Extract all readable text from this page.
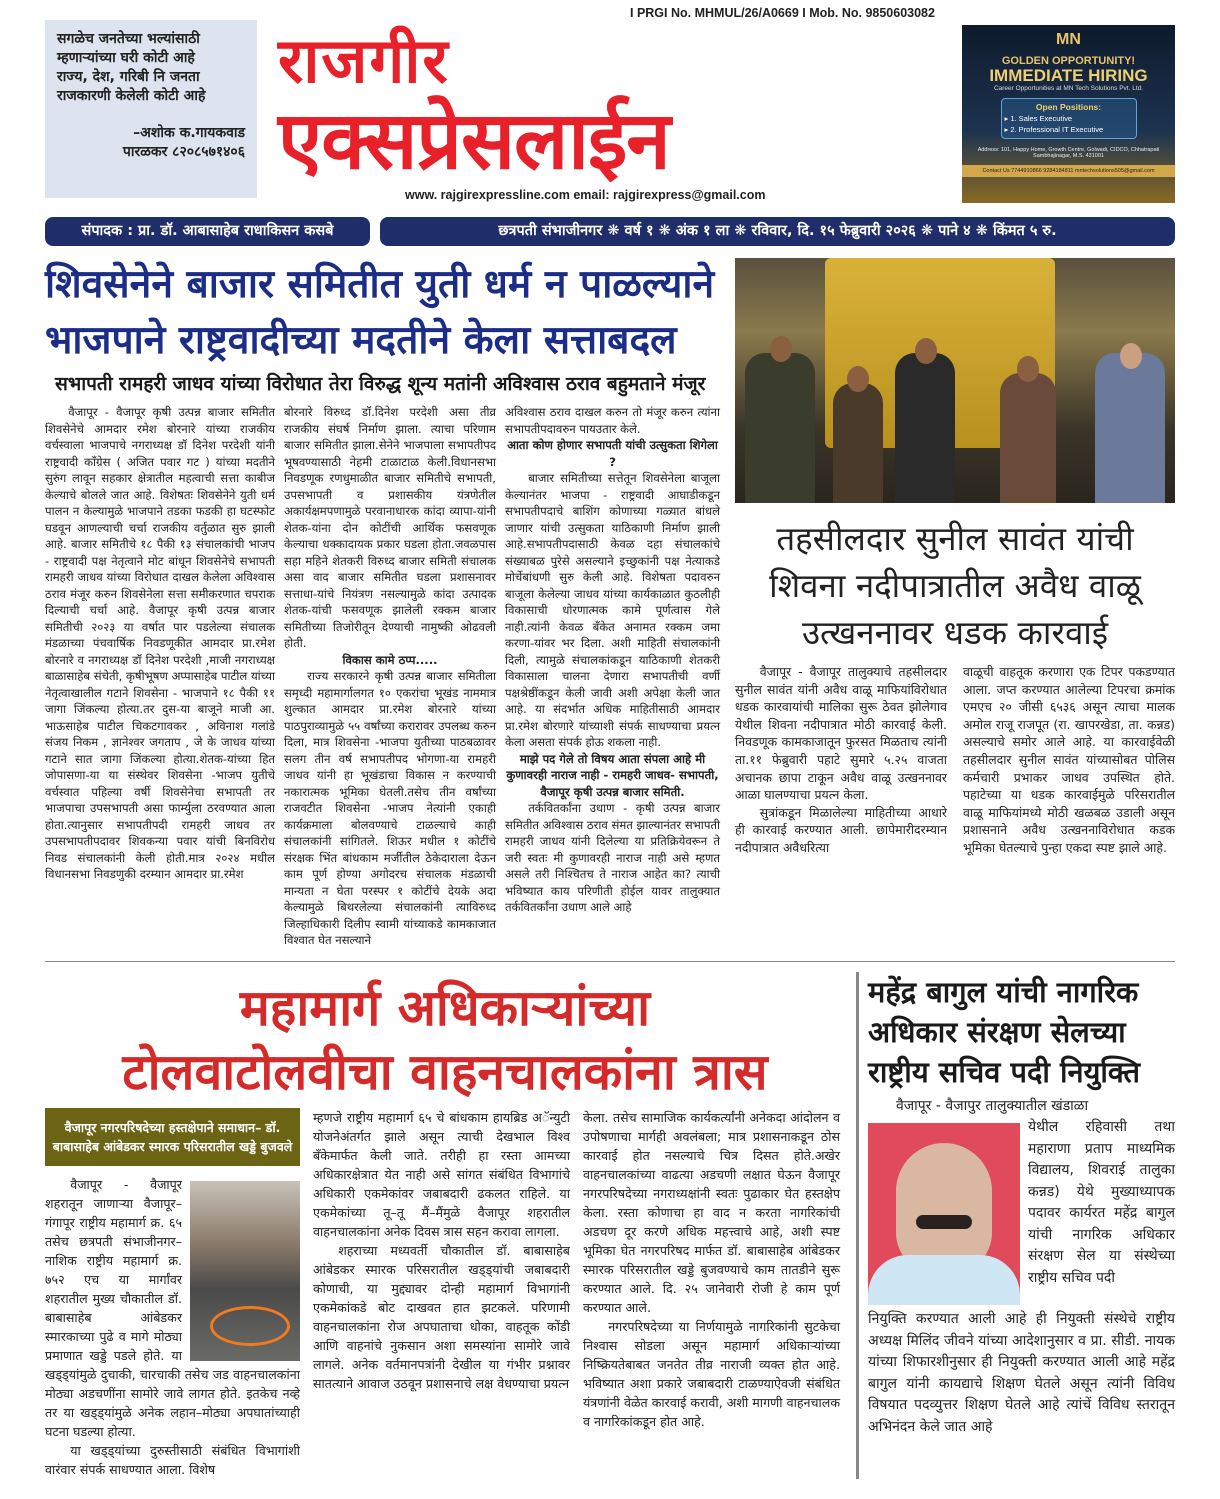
सगळेच जनतेच्या भल्यांसाठी
म्हणाऱ्यांच्या घरी कोटी आहे
राज्य, देश, गरिबी नि जनता
राजकारणी केलेली कोटी आहे
–अशोक क.गायकवाड
पारळकर ८२०८५७१४०६
राजगीर
एक्सप्रेसलाईन
I PRGI No. MHMUL/26/A0669 I Mob. No. 9850603082
www. rajgirexpressline.com email: rajgirexpress@gmail.com
MN
GOLDEN OPPORTUNITY!
IMMEDIATE HIRING
Career Opportunities at MN Tech Solutions Pvt. Ltd.
Open Positions:
▸ 1. Sales Executive
▸ 2. Professional IT Executive
Address: 101, Happy Home, Growth Centre, Golwadi, CIDCO, Chhatrapati Sambhajinagar, M.S. 431001
Contact Us 7744910866 9284184811 mntechsolutions505@gmail.com
संपादक : प्रा. डॉ. आबासाहेब राधाकिसन कसबे	छत्रपती संभाजीनगर ❋ वर्ष १ ❋ अंक १ ला ❋ रविवार, दि. १५ फेब्रुवारी २०२६ ❋ पाने ४ ❋ किंमत ५ रु.
शिवसेनेने बाजार समितीत युती धर्म न पाळल्याने
भाजपाने राष्ट्रवादीच्या मदतीने केला सत्ताबदल
सभापती रामहरी जाधव यांच्या विरोधात तेरा विरुद्ध शून्य मतांनी अविश्वास ठराव बहुमताने मंजूर

वैजापूर - वैजापूर कृषी उत्पन्न बाजार समितीत शिवसेनेचे आमदार रमेश बोरनारे यांच्या राजकीय वर्चस्वाला भाजपाचे नगराध्यक्ष डॉ दिनेश परदेशी यांनी राष्ट्रवादी कॉंग्रेस ( अजित पवार गट ) यांच्या मदतीने सुरुंग लावून सहकार क्षेत्रातील महत्वाची सत्ता काबीज केल्याचे बोलले जात आहे. विशेषतः शिवसेनेने युती धर्म पालन न केल्यामुळे भाजपाने तडका फडकी हा घटस्फोट घडवून आणल्याची चर्चा राजकीय वर्तुळात सुरु झाली आहे. बाजार समितीचे १८ पैकी १३ संचालकांची भाजप - राष्ट्रवादी पक्ष नेतृत्वाने मोट बांधून शिवसेनेचे सभापती रामहरी जाधव यांच्या विरोधात दाखल केलेला अविश्वास ठराव मंजूर करुन शिवसेनेला सत्ता समीकरणात चपराक दिल्याची चर्चा आहे. वैजापूर कृषी उत्पन्न बाजार समितीची २०२३ या वर्षात पार पडलेल्या संचालक मंडळाच्या पंचवार्षिक निवडणूकीत आमदार प्रा.रमेश बोरनारे व नगराध्यक्ष डॉ दिनेश परदेशी ,माजी नगराध्यक्ष बाळासाहेब संचेती, कृषीभूषण अप्पासाहेब पाटील यांच्या नेतृत्वाखालील गटाने शिवसेना - भाजपाने १८ पैकी ११ जागा जिंकल्या होत्या.तर दुस-या बाजूने माजी आ. भाऊसाहेब पाटील चिकटगावकर , अविनाश गलांडे संजय निकम , ज्ञानेश्वर जगताप , जे के जाधव यांच्या गटाने सात जागा जिंकल्या होत्या.शेतक-यांच्या हित जोपासणा-या या संस्थेवर शिवसेना -भाजप युतीचे वर्चस्वात पहिल्या वर्षी शिवसेनेचा सभापती तर भाजपाचा उपसभापती असा फार्म्युला ठरवण्यात आला होता.त्यानुसार सभापतीपदी रामहरी जाधव तर उपसभापतीपदावर शिवकन्या पवार यांची बिनविरोध निवड संचालकांनी केली होती.मात्र २०२४ मधील विधानसभा निवडणुकी दरम्यान आमदार प्रा.रमेश

बोरनारे विरुध्द डॉ.दिनेश परदेशी असा तीव्र राजकीय संघर्ष निर्माण झाला. त्याचा परिणाम बाजार समितीत झाला.सेनेने भाजपाला सभापतीपद भूषवण्यासाठी नेहमी टाळाटाळ केली.विधानसभा निवडणूक रणधुमाळीत बाजार समितीचे सभापती, उपसभापती व प्रशासकीय यंत्रणेतील अकार्यक्षमपणामुळे परवानाधारक कांदा व्यापा-यांनी शेतक-यांना दोन कोटींची आर्थिक फसवणूक केल्याचा धक्कादायक प्रकार घडला होता.जवळपास सहा महिने शेतकरी विरुध्द बाजार समिती संचालक असा वाद बाजार समितीत घडला प्रशासनावर सत्ताधा-यांचे नियंत्रण नसल्यामुळे कांदा उत्पादक शेतक-यांची फसवणूक झालेली रक्कम बाजार समितीच्या तिजोरीतून देण्याची नामुष्की ओढवली होती.

विकास कामे ठप्प.....

राज्य सरकारने कृषी उत्पन्न बाजार समितीला समृध्दी महामार्गालगत १० एकरांचा भूखंड नाममात्र शुल्कात आमदार प्रा.रमेश बोरनारे यांच्या पाठपुराव्यामुळे ५५ वर्षांच्या करारावर उपलब्ध करुन दिला, मात्र शिवसेना -भाजपा युतीच्या पाठबळावर सलग तीन वर्ष सभापतीपद भोगणा-या रामहरी जाधव यांनी हा भूखंडाचा विकास न करण्याची नकारात्मक भूमिका घेतली.तसेच तीन वर्षांच्या राजवटीत शिवसेना -भाजप नेत्यांनी एकाही कार्यक्रमाला बोलवण्याचे टाळल्याचे काही संचालकांनी सांगितले. शिऊर मधील १ कोटींचे संरक्षक भिंत बांधकाम मर्जीतील ठेकेदाराला देऊन काम पूर्ण होण्या अगोदरच संचालक मंडळाची मान्यता न घेता परस्पर १ कोटींचे देयके अदा केल्यामुळे बिथरलेल्या संचालकांनी त्याविरुध्द जिल्हाधिकारी दिलीप स्वामी यांच्याकडे कामकाजात विश्वात घेत नसल्याने

अविश्वास ठराव दाखल करुन तो मंजूर करुन त्यांना सभापतीपदावरुन पायउतार केले.

आता कोण होणार सभापती यांची उत्सुकता शिगेला ?

बाजार समितीच्या सत्तेतून शिवसेनेला बाजूला केल्यानंतर भाजपा - राष्ट्रवादी आघाडीकडून सभापतीपदाचे बाशिंग कोणाच्या गळ्यात बांधले जाणार यांची उत्सुकता याठिकाणी निर्माण झाली आहे.सभापतीपदासाठी केवळ दहा संचालकांचे संख्याबळ पुरेसे असल्याने इच्छुकांनी पक्ष नेत्याकडे मोर्चेबांधणी सुरु केली आहे. विशेषता पदावरुन बाजूला केलेल्या जाधव यांच्या कार्यकाळात कुठलीही विकासाची धोरणात्मक कामे पूर्णत्वास गेले नाही.त्यांनी केवळ बँकेत अनामत रक्कम जमा करणा-यांवर भर दिला. अशी माहिती संचालकांनी दिली, त्यामुळे संचालकांकडून याठिकाणी शेतकरी विकासाला चालना देणारा सभापतीची वर्णी पक्षश्रेष्ठींकडून केली जावी अशी अपेक्षा केली जात आहे. या संदर्भात अधिक माहितीसाठी आमदार प्रा.रमेश बोरणारे यांच्याशी संपर्क साधण्याचा प्रयत्न केला असता संपर्क होऊ शकला नाही.

माझे पद गेले तो विषय आता संपला आहे मी कुणावरही नाराज नाही - रामहरी जाधव- सभापती, वैजापूर कृषी उत्पन्न बाजार समिती.

तर्कवितर्कांना उधाण - कृषी उत्पन्न बाजार समितीत अविश्वास ठराव संमत झाल्यानंतर सभापती रामहरी जाधव यांनी दिलेल्या या प्रतिक्रियेवरून ते जरी स्वतः मी कुणावरही नाराज नाही असे म्हणत असले तरी निश्चितच ते नाराज आहेत का? त्याची भविष्यात काय परिणीती होईल यावर तालुक्यात तर्कवितर्कांना उधाण आले आहे

तहसीलदार सुनील सावंत यांची
शिवना नदीपात्रातील अवैध वाळू
उत्खननावर धडक कारवाई

वैजापूर - वैजापूर तालुक्याचे तहसीलदार सुनील सावंत यांनी अवैध वाळू माफियांविरोधात धडक कारवायांची मालिका सुरू ठेवत झोलेगाव येथील शिवना नदीपात्रात मोठी कारवाई केली. निवडणूक कामकाजातून फुरसत मिळताच त्यांनी ता.११ फेब्रुवारी पहाटे सुमारे ५.२५ वाजता अचानक छापा टाकून अवैध वाळू उत्खननावर आळा घालण्याचा प्रयत्न केला.

सुत्रांकडून मिळालेल्या माहितीच्या आधारे ही कारवाई करण्यात आली. छापेमारीदरम्यान नदीपात्रात अवैधरित्या

वाळूची वाहतूक करणारा एक टिपर पकडण्यात आला. जप्त करण्यात आलेल्या टिपरचा क्रमांक एमएच २० जीसी ६५३६ असून त्याचा मालक अमोल राजू राजपूत (रा. खापरखेडा, ता. कन्नड) असल्याचे समोर आले आहे. या कारवाईवेळी तहसीलदार सुनील सावंत यांच्यासोबत पोलिस कर्मचारी प्रभाकर जाधव उपस्थित होते. पहाटेच्या या धडक कारवाईमुळे परिसरातील वाळू माफियांमध्ये मोठी खळबळ उडाली असून प्रशासनाने अवैध उत्खननाविरोधात कडक भूमिका घेतल्याचे पुन्हा एकदा स्पष्ट झाले आहे.

महामार्ग अधिकाऱ्यांच्या
टोलवाटोलवीचा वाहनचालकांना त्रास
वैजापूर नगरपरिषदेच्या हस्तक्षेपाने समाधान– डॉ. बाबासाहेब आंबेडकर स्मारक परिसरातील खड्डे बुजवले

वैजापूर - वैजापूर शहरातून जाणाऱ्या वैजापूर–गंगापूर राष्ट्रीय महामार्ग क्र. ६५ तसेच छत्रपती संभाजीनगर–नाशिक राष्ट्रीय महामार्ग क्र. ७५२ एच या मार्गांवर शहरातील मुख्य चौकातील डॉ. बाबासाहेब आंबेडकर स्मारकाच्या पुढे व मागे मोठ्या प्रमाणात खड्डे पडले होते. या खड्ड्यांमुळे दुचाकी, चारचाकी तसेच जड वाहनचालकांना मोठ्या अडचणींना सामोरे जावे लागत होते. इतकेच नव्हे तर या खड्ड्यांमुळे अनेक लहान–मोठ्या अपघातांच्याही घटना घडल्या होत्या.

या खड्ड्यांच्या दुरुस्तीसाठी संबंधित विभागांशी वारंवार संपर्क साधण्यात आला. विशेष

म्हणजे राष्ट्रीय महामार्ग ६५ चे बांधकाम हायब्रिड अॅन्युटी योजनेअंतर्गत झाले असून त्याची देखभाल विश्व बँकेमार्फत केली जाते. तरीही हा रस्ता आमच्या अधिकारक्षेत्रात येत नाही असे सांगत संबंधित विभागांचे अधिकारी एकमेकांवर जबाबदारी ढकलत राहिले. या एकमेकांच्या तू–तू मैं–मैंमुळे वैजापूर शहरातील वाहनचालकांना अनेक दिवस त्रास सहन करावा लागला.

शहराच्या मध्यवर्ती चौकातील डॉ. बाबासाहेब आंबेडकर स्मारक परिसरातील खड्ड्यांची जबाबदारी कोणाची, या मुद्द्यावर दोन्ही महामार्ग विभागांनी एकमेकांकडे बोट दाखवत हात झटकले. परिणामी वाहनचालकांना रोज अपघाताचा धोका, वाहतूक कोंडी आणि वाहनांचे नुकसान अशा समस्यांना सामोरे जावे लागले. अनेक वर्तमानपत्रांनी देखील या गंभीर प्रश्नावर सातत्याने आवाज उठवून प्रशासनाचे लक्ष वेधण्याचा प्रयत्न

केला. तसेच सामाजिक कार्यकर्त्यांनी अनेकदा आंदोलन व उपोषणाचा मार्गही अवलंबला; मात्र प्रशासनाकडून ठोस कारवाई होत नसल्याचे चित्र दिसत होते.अखेर वाहनचालकांच्या वाढत्या अडचणी लक्षात घेऊन वैजापूर नगरपरिषदेच्या नगराध्यक्षांनी स्वतः पुढाकार घेत हस्तक्षेप केला. रस्ता कोणाचा हा वाद न करता नागरिकांची अडचण दूर करणे अधिक महत्त्वाचे आहे, अशी स्पष्ट भूमिका घेत नगरपरिषद मार्फत डॉ. बाबासाहेब आंबेडकर स्मारक परिसरातील खड्डे बुजवण्याचे काम तातडीने सुरू करण्यात आले. दि. २५ जानेवारी रोजी हे काम पूर्ण करण्यात आले.

नगरपरिषदेच्या या निर्णयामुळे नागरिकांनी सुटकेचा निश्वास सोडला असून महामार्ग अधिकाऱ्यांच्या निष्क्रियतेबाबत जनतेत तीव्र नाराजी व्यक्त होत आहे. भविष्यात अशा प्रकारे जबाबदारी टाळण्याऐवजी संबंधित यंत्रणांनी वेळेत कारवाई करावी, अशी मागणी वाहनचालक व नागरिकांकडून होत आहे.

महेंद्र बागुल यांची नागरिक अधिकार संरक्षण सेलच्या राष्ट्रीय सचिव पदी नियुक्ति

वैजापूर - वैजापुर तालुक्यातील खंडाळा

येथील रहिवासी तथा महाराणा प्रताप माध्यमिक विद्यालय, शिवराई तालुका कन्नड) येथे मुख्याध्यापक पदावर कार्यरत महेंद्र बागुल यांची नागरिक अधिकार संरक्षण सेल या संस्थेच्या राष्ट्रीय सचिव पदी

नियुक्ति करण्यात आली आहे ही नियुक्ती संस्थेचे राष्ट्रीय अध्यक्ष मिलिंद जीवने यांच्या आदेशानुसार व प्रा. सीडी. नायक यांच्या शिफारशीनुसार ही नियुक्ती करण्यात आली आहे महेंद्र बागुल यांनी कायद्याचे शिक्षण घेतले असून त्यांनी विविध विषयात पदव्युत्तर शिक्षण घेतले आहे त्यांचें विविध स्तरातून अभिनंदन केले जात आहे
